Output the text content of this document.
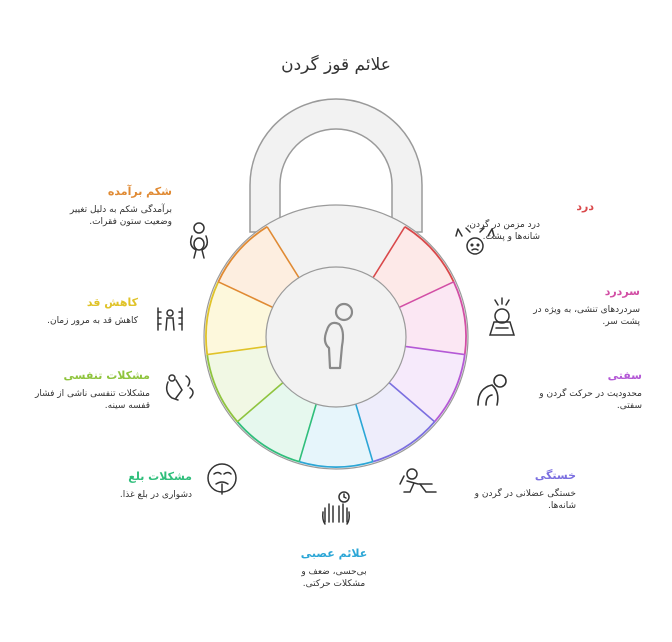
علائم قوز گردن
درد
درد مزمن در گردن، شانه‌ها و پشت.
سردرد
سردردهای تنشی، به ویژه در پشت سر.
سفتی
محدودیت در حرکت گردن و سفتی.
خستگی
خستگی عضلانی در گردن و شانه‌ها.
علائم عصبی
بی‌حسی، ضعف و مشکلات حرکتی.
مشکلات بلع
دشواری در بلع غذا.
مشکلات تنفسی
مشکلات تنفسی ناشی از فشار قفسه سینه.
کاهش قد
کاهش قد به مرور زمان.
شکم برآمده
برآمدگی شکم به دلیل تغییر وضعیت ستون فقرات.
